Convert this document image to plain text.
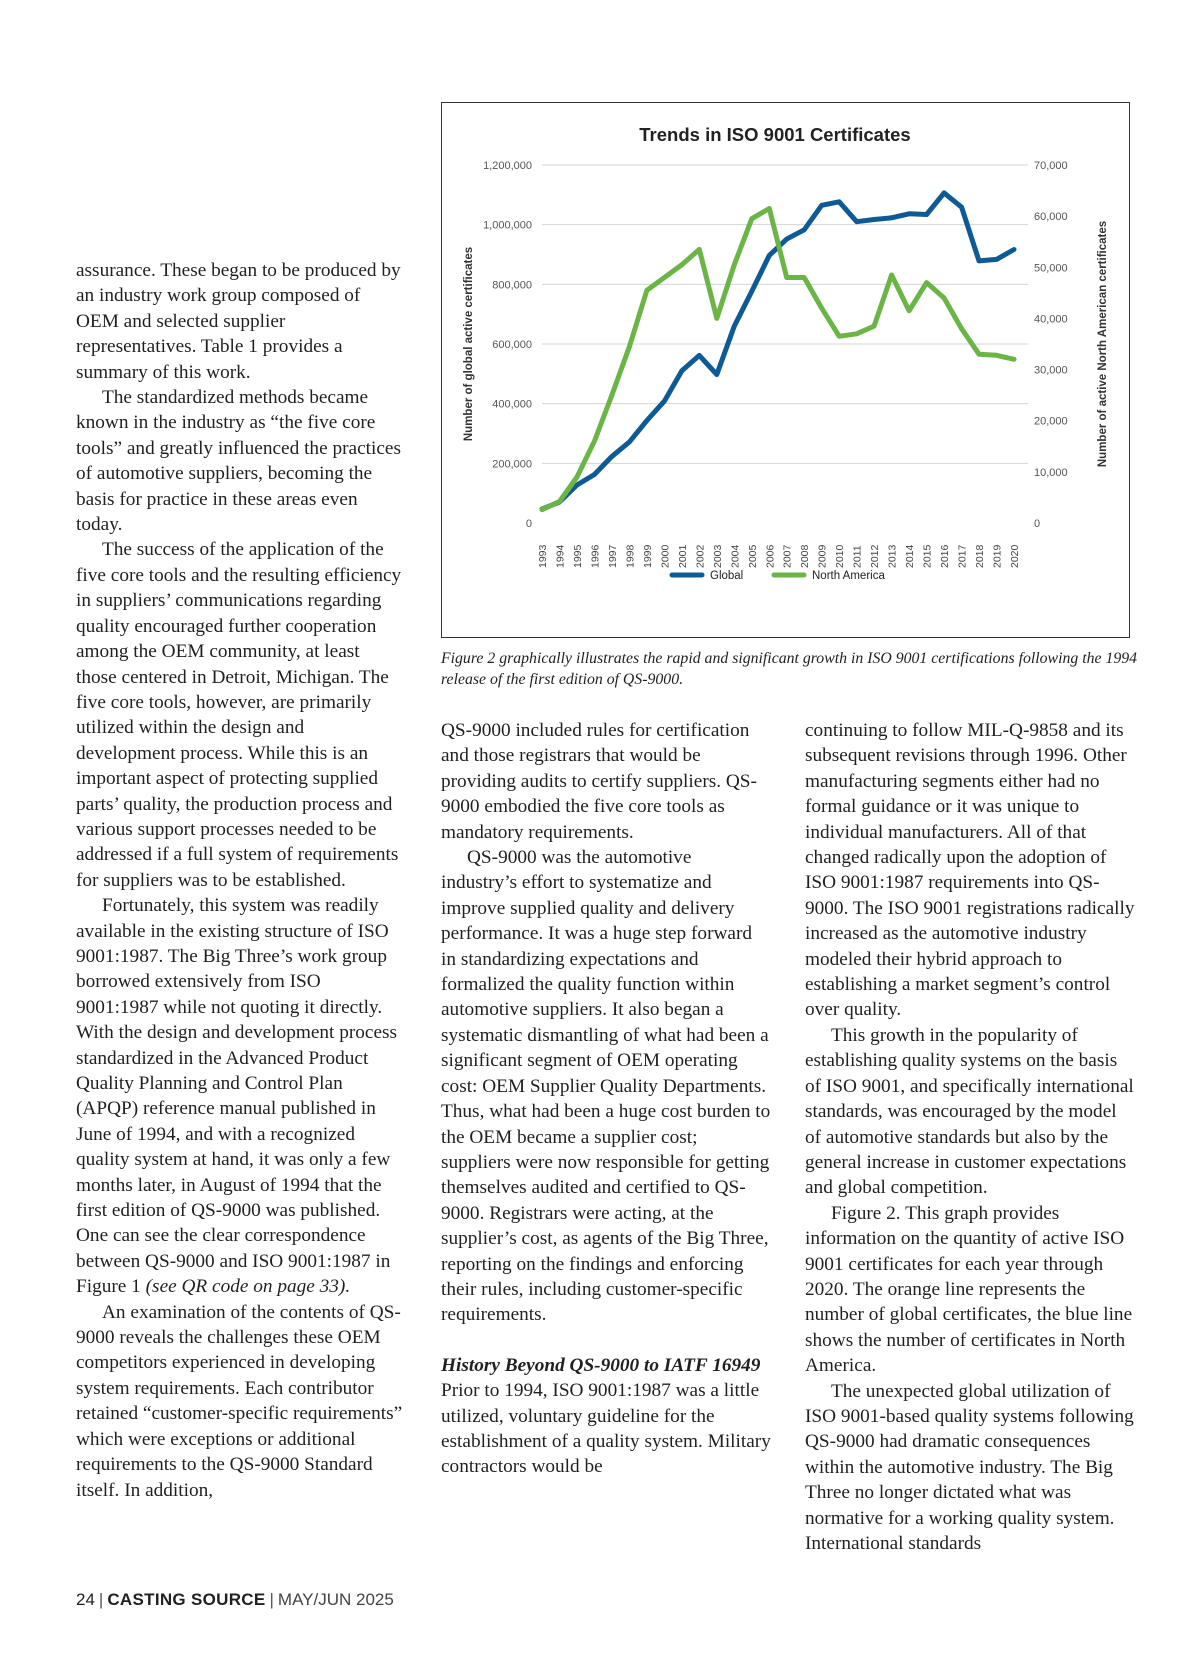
Trends in ISO 9001 Certificates
0
200,000
400,000
600,000
800,000
1,000,000
1,200,000
0
10,000
20,000
30,000
40,000
50,000
60,000
70,000
Number of global active certificates	Number of active North American certificates
1993 1994 1995 1996 1997 1998 1999 2000 2001 2002 2003 2004 2005 2006 2007 2008 2009 2010 2011 2012 2013 2014 2015 2016 2017 2018 2019 2020
Global	North America
Figure 2 graphically illustrates the rapid and significant growth in ISO 9001 certifications following the 1994 release of the first edition of QS-9000.

assurance. These began to be produced by an industry work group composed of OEM and selected supplier representatives. Table 1 provides a summary of this work.

The standardized methods became known in the industry as “the five core tools” and greatly influenced the practices of automotive suppliers, becoming the basis for practice in these areas even today.

The success of the application of the five core tools and the resulting efficiency in suppliers’ communications regarding quality encouraged further cooperation among the OEM community, at least those centered in Detroit, Michigan. The five core tools, however, are primarily utilized within the design and development process. While this is an important aspect of protecting supplied parts’ quality, the production process and various support processes needed to be addressed if a full system of requirements for suppliers was to be established.

Fortunately, this system was readily available in the existing structure of ISO 9001:1987. The Big Three’s work group borrowed extensively from ISO 9001:1987 while not quoting it directly. With the design and development process standardized in the Advanced Product Quality Planning and Control Plan (APQP) reference manual published in June of 1994, and with a recognized quality system at hand, it was only a few months later, in August of 1994 that the first edition of QS-9000 was published. One can see the clear correspondence between QS-9000 and ISO 9001:1987 in Figure 1 (see QR code on page 33).

An examination of the contents of QS-9000 reveals the challenges these OEM competitors experienced in developing system requirements. Each contributor retained “customer-specific requirements” which were exceptions or additional requirements to the QS-9000 Standard itself. In addition,

QS-9000 included rules for certification and those registrars that would be providing audits to certify suppliers. QS-9000 embodied the five core tools as mandatory requirements.

QS-9000 was the automotive industry’s effort to systematize and improve supplied quality and delivery performance. It was a huge step forward in standardizing expectations and formalized the quality function within automotive suppliers. It also began a systematic dismantling of what had been a significant segment of OEM operating cost: OEM Supplier Quality Departments. Thus, what had been a huge cost burden to the OEM became a supplier cost; suppliers were now responsible for getting themselves audited and certified to QS-9000. Registrars were acting, at the supplier’s cost, as agents of the Big Three, reporting on the findings and enforcing their rules, including customer-specific requirements.

History Beyond QS-9000 to IATF 16949

Prior to 1994, ISO 9001:1987 was a little utilized, voluntary guideline for the establishment of a quality system. Military contractors would be

continuing to follow MIL-Q-9858 and its subsequent revisions through 1996. Other manufacturing segments either had no formal guidance or it was unique to individual manufacturers. All of that changed radically upon the adoption of ISO 9001:1987 requirements into QS-9000. The ISO 9001 registrations radically increased as the automotive industry modeled their hybrid approach to establishing a market segment’s control over quality.

This growth in the popularity of establishing quality systems on the basis of ISO 9001, and specifically international standards, was encouraged by the model of automotive standards but also by the general increase in customer expectations and global competition.

Figure 2. This graph provides information on the quantity of active ISO 9001 certificates for each year through 2020. The orange line represents the number of global certificates, the blue line shows the number of certificates in North America.

The unexpected global utilization of ISO 9001-based quality systems following QS-9000 had dramatic consequences within the automotive industry. The Big Three no longer dictated what was normative for a working quality system. International standards

24 | CASTING SOURCE | MAY/JUN 2025
